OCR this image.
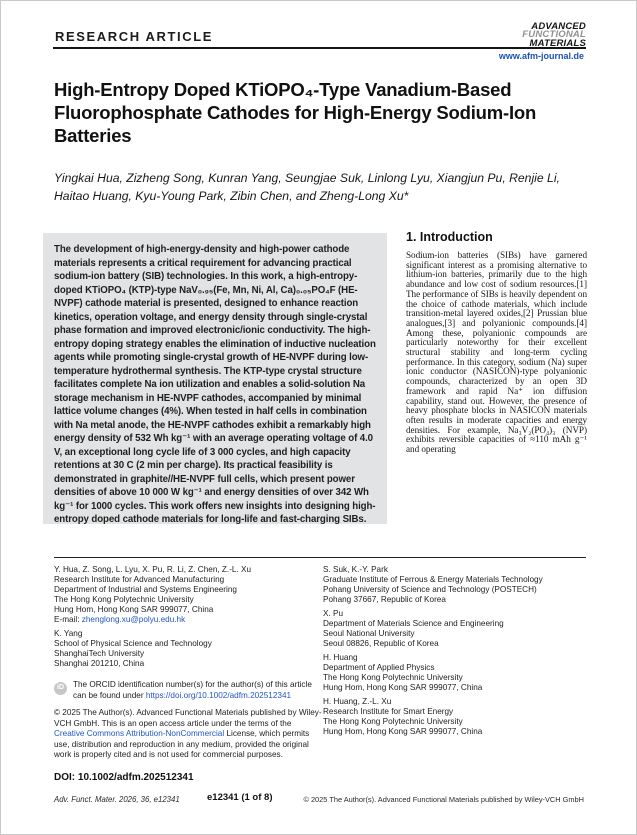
RESEARCH ARTICLE
ADVANCED
FUNCTIONAL
MATERIALS
www.afm-journal.de
High-Entropy Doped KTiOPO₄-Type Vanadium-Based Fluorophosphate Cathodes for High-Energy Sodium-Ion Batteries
Yingkai Hua, Zizheng Song, Kunran Yang, Seungjae Suk, Linlong Lyu, Xiangjun Pu, Renjie Li, Haitao Huang, Kyu-Young Park, Zibin Chen, and Zheng-Long Xu*
The development of high-energy-density and high-power cathode materials represents a critical requirement for advancing practical sodium-ion battery (SIB) technologies. In this work, a high-entropy-doped KTiOPO₄ (KTP)-type NaV₀.₉₅(Fe, Mn, Ni, Al, Ca)₀.₀₅PO₄F (HE-NVPF) cathode material is presented, designed to enhance reaction kinetics, operation voltage, and energy density through single-crystal phase formation and improved electronic/ionic conductivity. The high-entropy doping strategy enables the elimination of inductive nucleation agents while promoting single-crystal growth of HE-NVPF during low-temperature hydrothermal synthesis. The KTP-type crystal structure facilitates complete Na ion utilization and enables a solid-solution Na storage mechanism in HE-NVPF cathodes, accompanied by minimal lattice volume changes (4%). When tested in half cells in combination with Na metal anode, the HE-NVPF cathodes exhibit a remarkably high energy density of 532 Wh kg⁻¹ with an average operating voltage of 4.0 V, an exceptional long cycle life of 3 000 cycles, and high capacity retentions at 30 C (2 min per charge). Its practical feasibility is demonstrated in graphite//HE-NVPF full cells, which present power densities of above 10 000 W kg⁻¹ and energy densities of over 342 Wh kg⁻¹ for 1000 cycles. This work offers new insights into designing high-entropy doped cathode materials for long-life and fast-charging SIBs.
1. Introduction
Sodium-ion batteries (SIBs) have garnered significant interest as a promising alternative to lithium-ion batteries, primarily due to the high abundance and low cost of sodium resources.[1] The performance of SIBs is heavily dependent on the choice of cathode materials, which include transition-metal layered oxides,[2] Prussian blue analogues,[3] and polyanionic compounds.[4] Among these, polyanionic compounds are particularly noteworthy for their excellent structural stability and long-term cycling performance. In this category, sodium (Na) super ionic conductor (NASICON)-type polyanionic compounds, characterized by an open 3D framework and rapid Na⁺ ion diffusion capability, stand out. However, the presence of heavy phosphate blocks in NASICON materials often results in moderate capacities and energy densities. For example, Na₃V₂(PO₄)₃ (NVP) exhibits reversible capacities of ≈110 mAh g⁻¹ and operating
Y. Hua, Z. Song, L. Lyu, X. Pu, R. Li, Z. Chen, Z.-L. Xu
Research Institute for Advanced Manufacturing
Department of Industrial and Systems Engineering
The Hong Kong Polytechnic University
Hung Hom, Hong Kong SAR 999077, China
E-mail: zhenglong.xu@polyu.edu.hk
K. Yang
School of Physical Science and Technology
ShanghaiTech University
Shanghai 201210, China
iD	The ORCID identification number(s) for the author(s) of this article can be found under https://doi.org/10.1002/adfm.202512341
© 2025 The Author(s). Advanced Functional Materials published by Wiley-VCH GmbH. This is an open access article under the terms of the Creative Commons Attribution-NonCommercial License, which permits use, distribution and reproduction in any medium, provided the original work is properly cited and is not used for commercial purposes.
DOI: 10.1002/adfm.202512341
S. Suk, K.-Y. Park
Graduate Institute of Ferrous & Energy Materials Technology
Pohang University of Science and Technology (POSTECH)
Pohang 37667, Republic of Korea
X. Pu
Department of Materials Science and Engineering
Seoul National University
Seoul 08826, Republic of Korea
H. Huang
Department of Applied Physics
The Hong Kong Polytechnic University
Hung Hom, Hong Kong SAR 999077, China
H. Huang, Z.-L. Xu
Research Institute for Smart Energy
The Hong Kong Polytechnic University
Hung Hom, Hong Kong SAR 999077, China
Adv. Funct. Mater. 2026, 36, e12341	e12341 (1 of 8)	© 2025 The Author(s). Advanced Functional Materials published by Wiley-VCH GmbH
